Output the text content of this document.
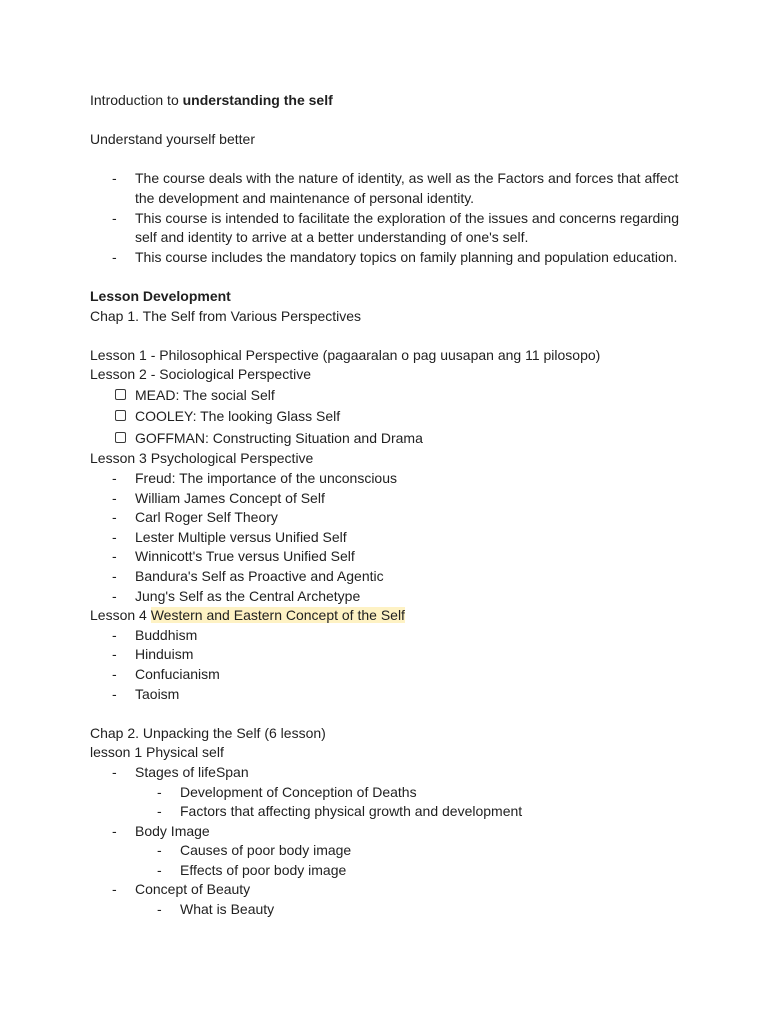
Introduction to understanding the self
Understand yourself better
- The course deals with the nature of identity, as well as the Factors and forces that affect the development and maintenance of personal identity.
- This course is intended to facilitate the exploration of the issues and concerns regarding self and identity to arrive at a better understanding of one's self.
- This course includes the mandatory topics on family planning and population education.
Lesson Development
Chap 1. The Self from Various Perspectives
Lesson 1 - Philosophical Perspective (pagaaralan o pag uusapan ang 11 pilosopo)
Lesson 2 - Sociological Perspective
MEAD: The social Self
COOLEY: The looking Glass Self
GOFFMAN: Constructing Situation and Drama
Lesson 3 Psychological Perspective
- Freud: The importance of the unconscious
- William James Concept of Self
- Carl Roger Self Theory
- Lester Multiple versus Unified Self
- Winnicott's True versus Unified Self
- Bandura's Self as Proactive and Agentic
- Jung's Self as the Central Archetype
Lesson 4 Western and Eastern Concept of the Self
- Buddhism
- Hinduism
- Confucianism
- Taoism
Chap 2. Unpacking the Self (6 lesson)
lesson 1 Physical self
- Stages of lifeSpan
- Development of Conception of Deaths
- Factors that affecting physical growth and development
- Body Image
- Causes of poor body image
- Effects of poor body image
- Concept of Beauty
- What is Beauty
